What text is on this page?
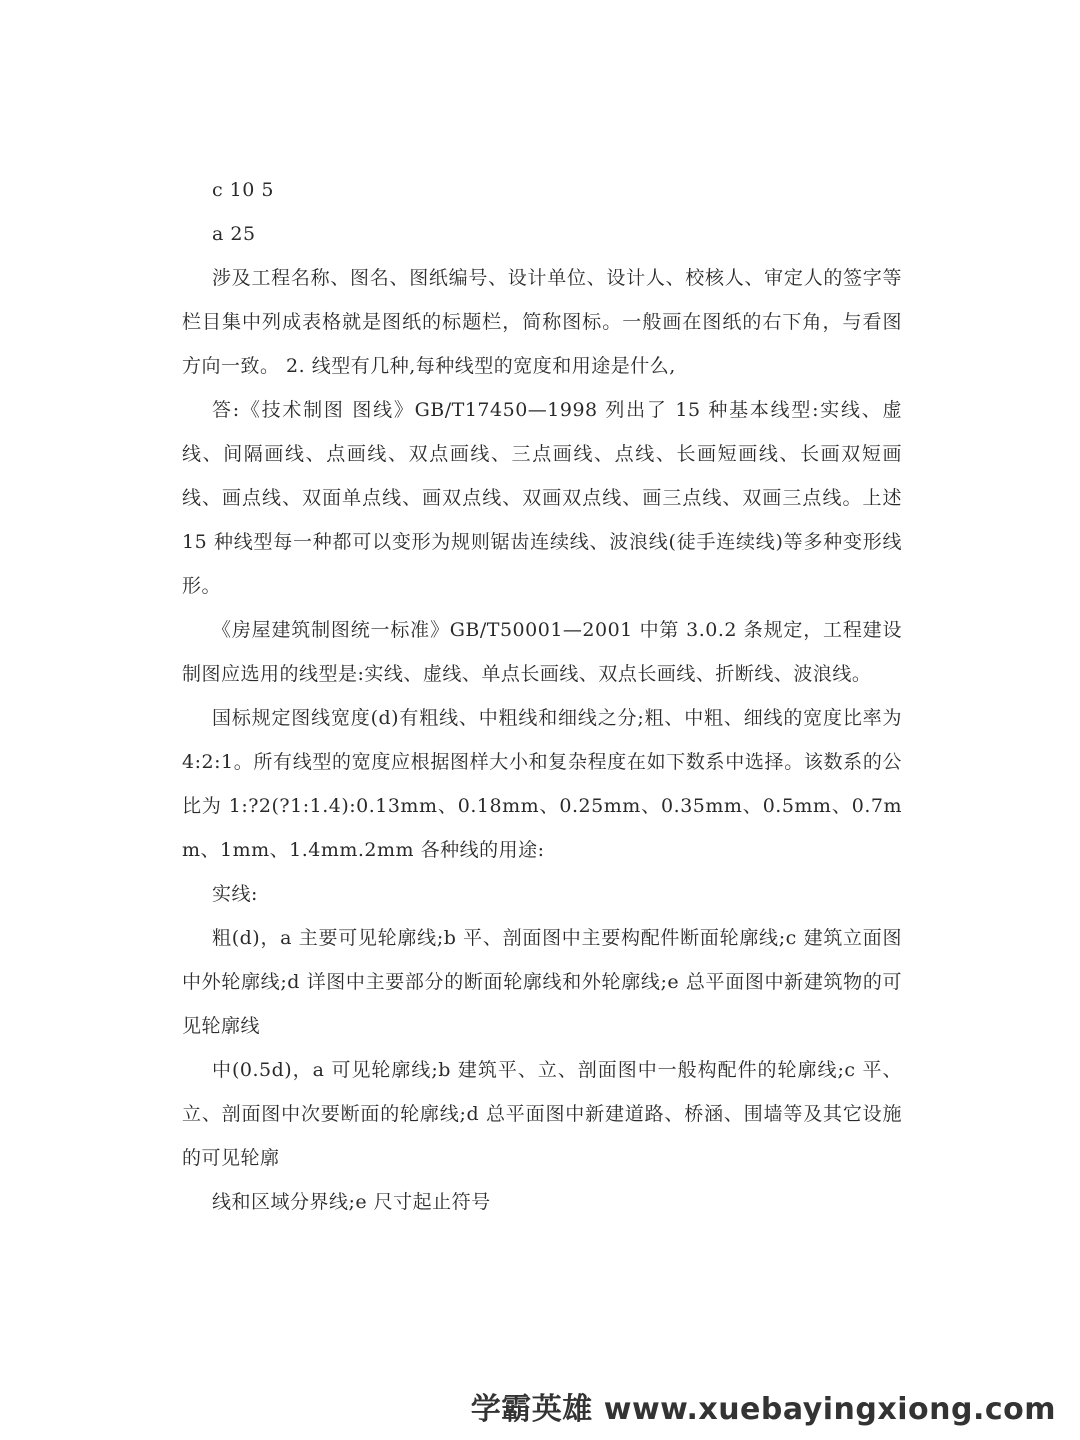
c 10 5

a 25

涉及工程名称、图名、图纸编号、设计单位、设计人、校核人、审定人的签字等栏目集中列成表格就是图纸的标题栏，简称图标。一般画在图纸的右下角，与看图方向一致。 2. 线型有几种,每种线型的宽度和用途是什么,

答:《技术制图 图线》GB/T17450—1998 列出了 15 种基本线型:实线、虚线、间隔画线、点画线、双点画线、三点画线、点线、长画短画线、长画双短画线、画点线、双面单点线、画双点线、双画双点线、画三点线、双画三点线。上述 15 种线型每一种都可以变形为规则锯齿连续线、波浪线(徒手连续线)等多种变形线形。

《房屋建筑制图统一标准》GB/T50001—2001 中第 3.0.2 条规定，工程建设制图应选用的线型是:实线、虚线、单点长画线、双点长画线、折断线、波浪线。

国标规定图线宽度(d)有粗线、中粗线和细线之分;粗、中粗、细线的宽度比率为 4:2:1。所有线型的宽度应根据图样大小和复杂程度在如下数系中选择。该数系的公比为 1:?2(?1:1.4):0.13mm、0.18mm、0.25mm、0.35mm、0.5mm、0.7mm、1mm、1.4mm.2mm 各种线的用途:

实线:

粗(d)，a 主要可见轮廓线;b 平、剖面图中主要构配件断面轮廓线;c 建筑立面图中外轮廓线;d 详图中主要部分的断面轮廓线和外轮廓线;e 总平面图中新建筑物的可见轮廓线

中(0.5d)，a 可见轮廓线;b 建筑平、立、剖面图中一般构配件的轮廓线;c 平、立、剖面图中次要断面的轮廓线;d 总平面图中新建道路、桥涵、围墙等及其它设施的可见轮廓

线和区域分界线;e 尺寸起止符号

学霸英雄 www.xuebayingxiong.com
